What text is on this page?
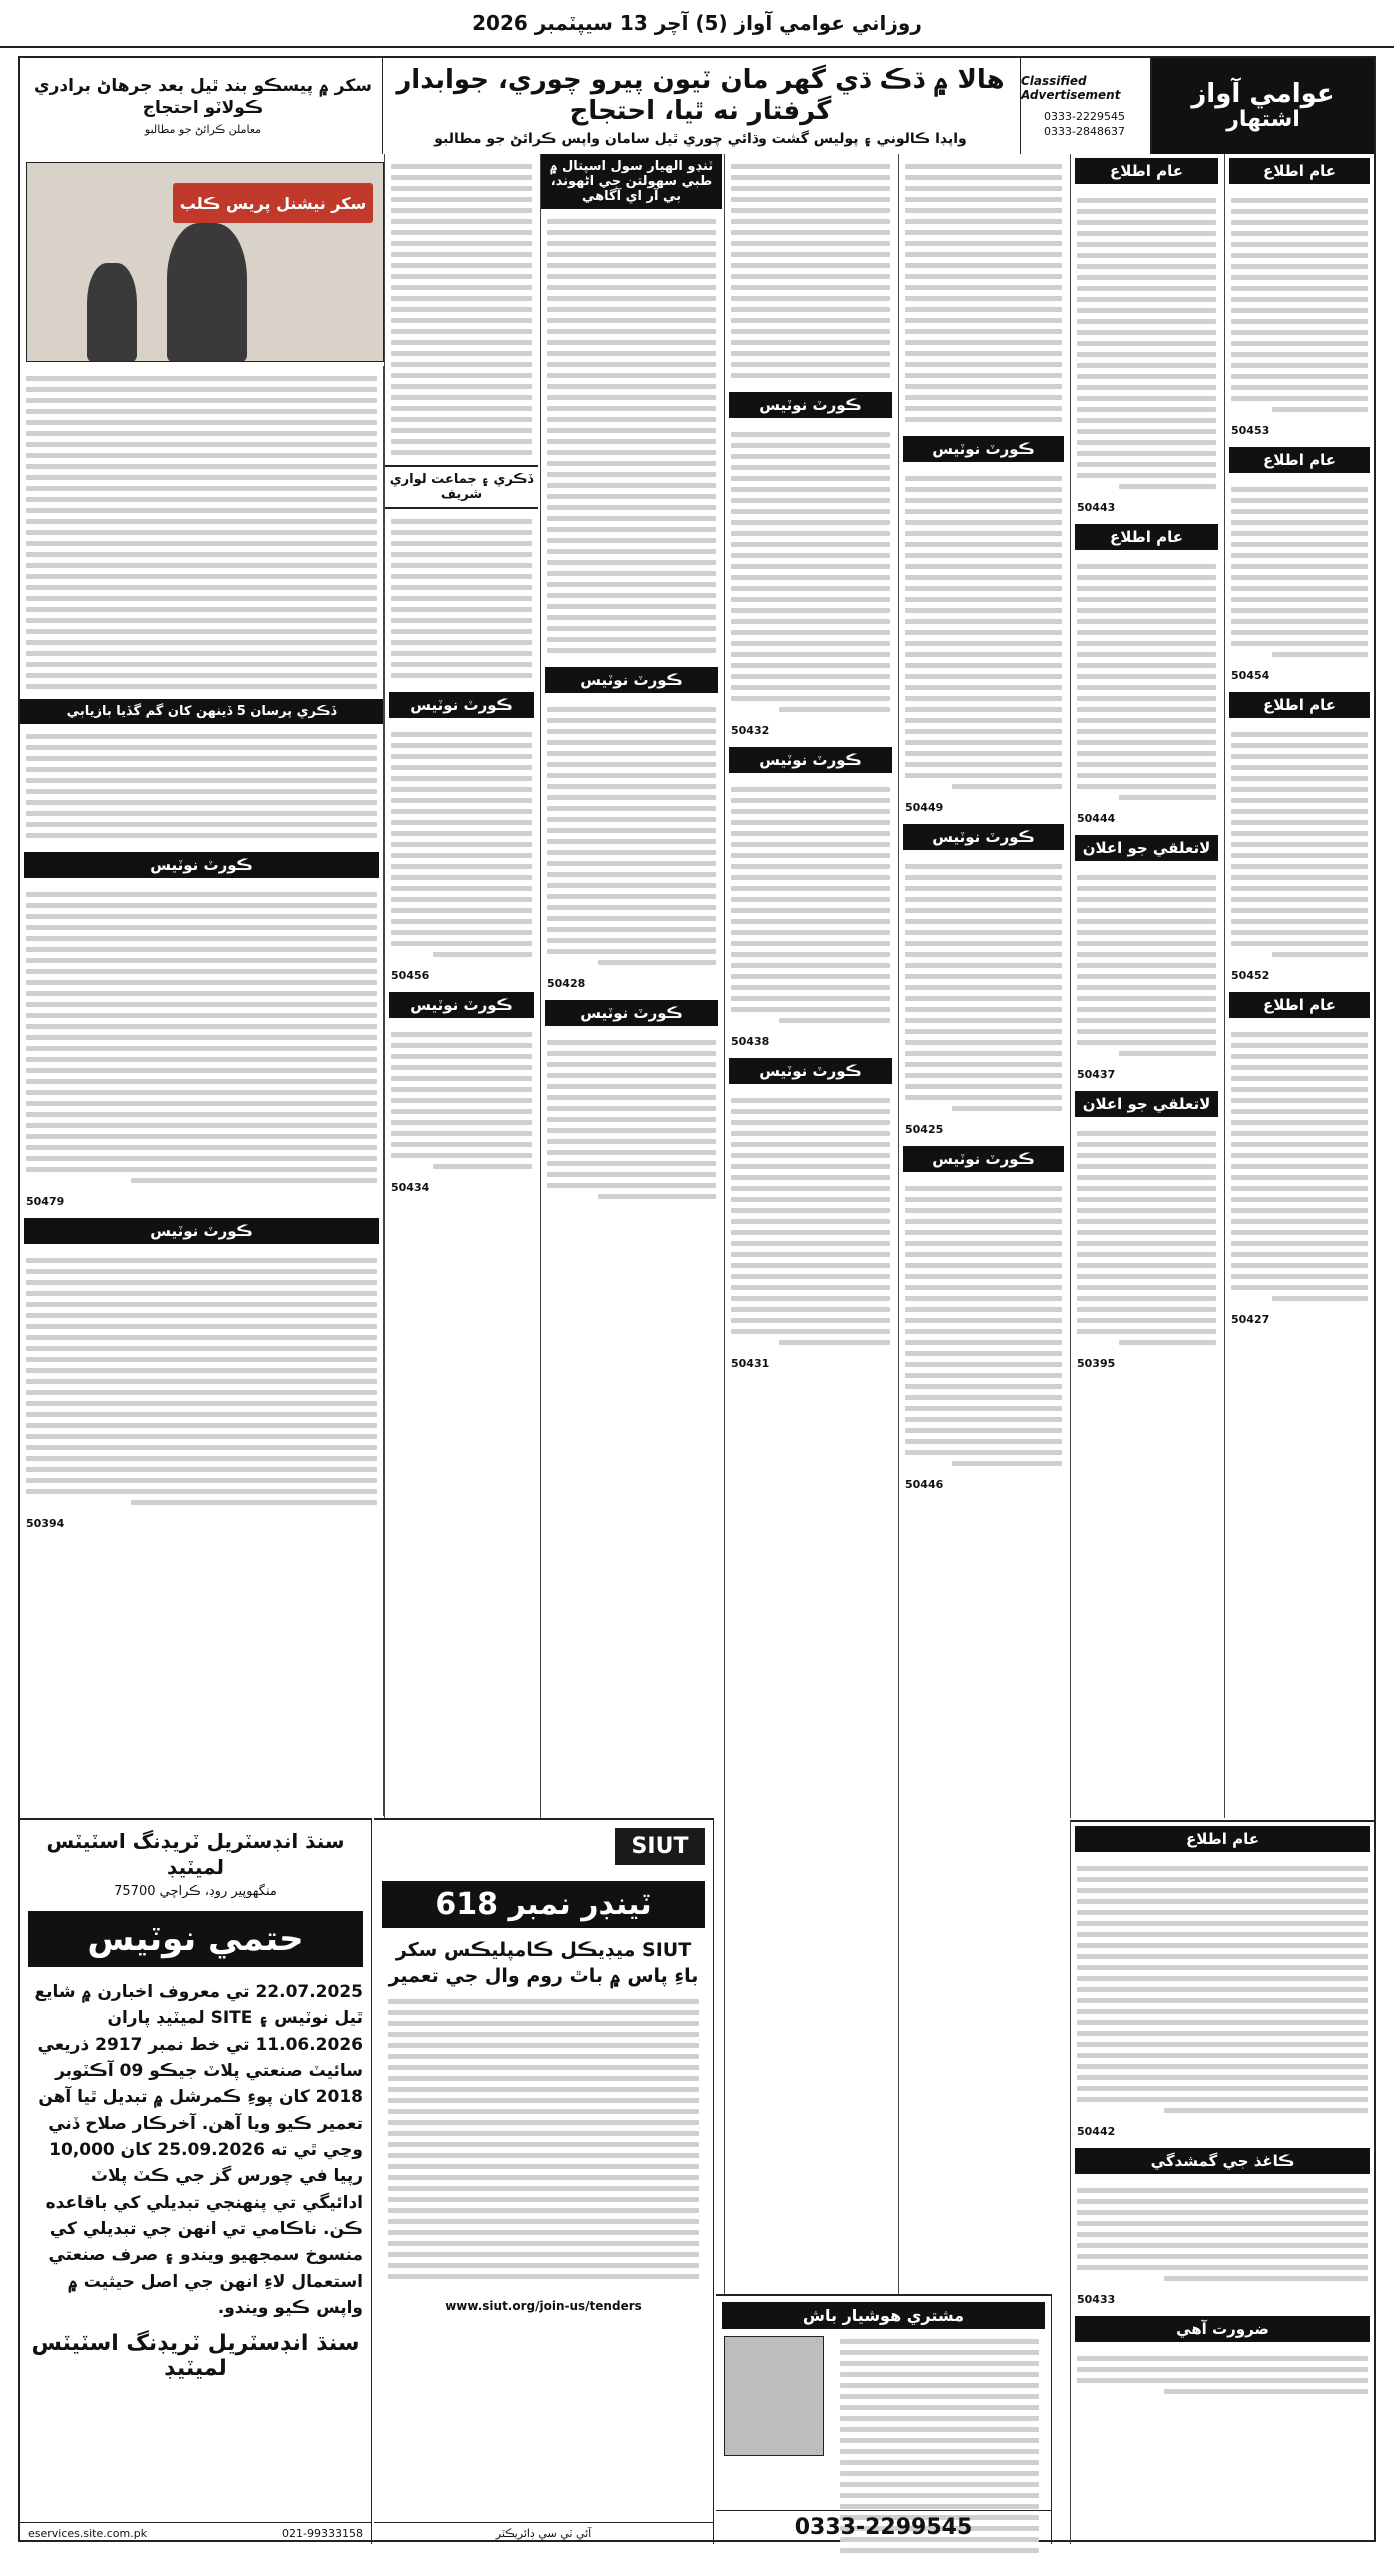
روزاني عوامي آواز (5) آچر 13 سيپٽمبر 2026
عوامي آواز
اشتهار
Classified Advertisement
0333-2229545
0333-2848637
هالا ۾ ڌڪ ڌي گهر مان ٽيون پيرو چوري، جوابدار گرفتار نه ٿيا، احتجاج
واپڊا ڪالوني ۽ پوليس گشت وڌائي چوري ٿيل سامان واپس ڪرائڻ جو مطالبو
سکر ۾ پيسڪو بند ٿيل بعد جرهاڻ برادري ڪولاٽو احتجاج
معاملن ڪرائڻ جو مطالبو
عام اطلاع
50453
عام اطلاع
50454
عام اطلاع
50452
عام اطلاع
50427
عام اطلاع
50443
عام اطلاع
50444
لاتعلقي جو اعلان
50437
لاتعلقي جو اعلان
50395
عام اطلاع
50442
ڪاغذ جي گمشدگي
50433
ضرورت آهي
ڪورٽ نوٽيس
50449
ڪورٽ نوٽيس
50425
ڪورٽ نوٽيس
50446
ڪورٽ نوٽيس
50432
ڪورٽ نوٽيس
50438
ڪورٽ نوٽيس
50431
ٽنڊو الهيار سول اسپتال ۾ طبي سهولتن جي اڻهوند، بي آر اي آگاهي
ڪورٽ نوٽيس
50428
ڪورٽ نوٽيس
ڏڪري ۽ جماعت لواري شريف
ڪورٽ نوٽيس
50456
ڪورٽ نوٽيس
50434
سکر نيشنل پريس ڪلب
ڏڪري پرسان 5 ڏينهن کان گم گڏيا بازيابي
ڪورٽ نوٽيس
50479
ڪورٽ نوٽيس
50394
سنڌ انڊسٽريل ٽريڊنگ اسٽيٽس لميٽيڊ
منگهوپير روڊ، ڪراچي 75700
حتمي نوٽيس
22.07.2025 تي معروف اخبارن ۾ شايع ٿيل نوٽيس ۽ SITE لميٽيڊ پاران 11.06.2026 تي خط نمبر 2917 ذريعي سائيٽ صنعتي پلاٽ جيڪو 09 آڪٽوبر 2018 کان پوءِ ڪمرشل ۾ تبديل ٿيا آهن تعمير ڪيو ويا آهن. آخرڪار صلاح ڏني وڃي ٿي ته 25.09.2026 کان 10,000 رپيا في چورس گز جي ڪٽ پلاٽ ادائيگي تي پنهنجي تبديلي کي باقاعده ڪن. ناڪامي تي انهن جي تبديلي کي منسوخ سمجهيو ويندو ۽ صرف صنعتي استعمال لاءِ انهن جي اصل حيثيت ۾ واپس ڪيو ويندو.
سنڌ انڊسٽريل ٽريڊنگ اسٽيٽس لميٽيڊ
eservices.site.com.pk	021-99333158
SIUT
ٽينڊر نمبر 618
SIUT ميڊيڪل ڪامپليڪس سکر باءِ پاس ۾ باٿ روم وال جي تعمير
www.siut.org/join-us/tenders
آئي ٽي سي ڊائريڪٽر
مشتري هوشيار باش
0333-2299545
